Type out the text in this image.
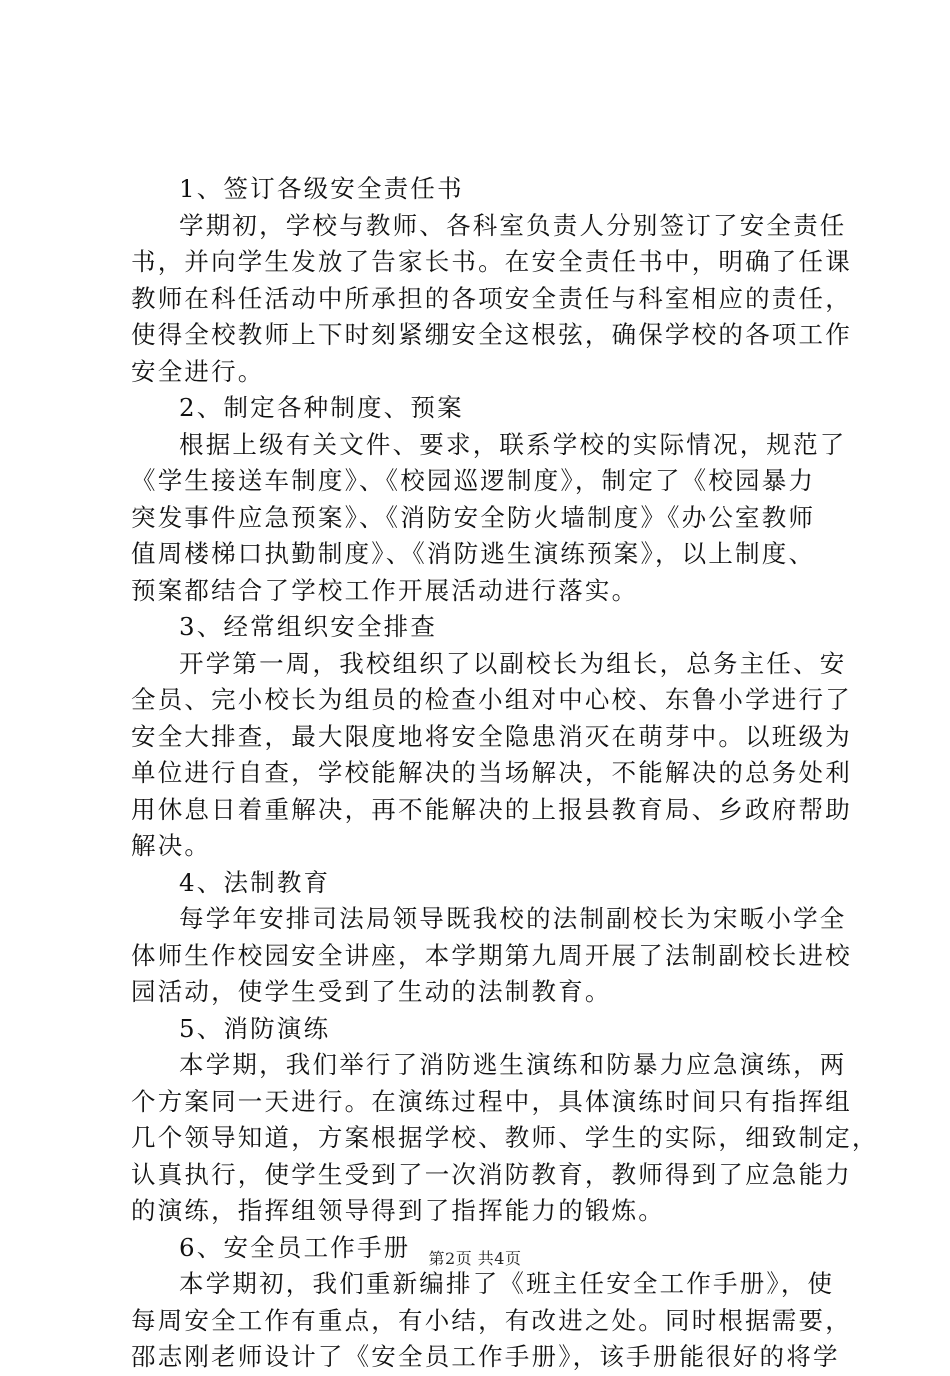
1、签订各级安全责任书
学期初，学校与教师、各科室负责人分别签订了安全责任
书，并向学生发放了告家长书。在安全责任书中，明确了任课
教师在科任活动中所承担的各项安全责任与科室相应的责任，
使得全校教师上下时刻紧绷安全这根弦，确保学校的各项工作
安全进行。
2、制定各种制度、预案
根据上级有关文件、要求，联系学校的实际情况，规范了
《学生接送车制度》、《校园巡逻制度》，制定了《校园暴力
突发事件应急预案》、《消防安全防火墙制度》《办公室教师
值周楼梯口执勤制度》、《消防逃生演练预案》，以上制度、
预案都结合了学校工作开展活动进行落实。
3、经常组织安全排查
开学第一周，我校组织了以副校长为组长，总务主任、安
全员、完小校长为组员的检查小组对中心校、东鲁小学进行了
安全大排查，最大限度地将安全隐患消灭在萌芽中。以班级为
单位进行自查，学校能解决的当场解决，不能解决的总务处利
用休息日着重解决，再不能解决的上报县教育局、乡政府帮助
解决。
4、法制教育
每学年安排司法局领导既我校的法制副校长为宋畈小学全
体师生作校园安全讲座，本学期第九周开展了法制副校长进校
园活动，使学生受到了生动的法制教育。
5、消防演练
本学期，我们举行了消防逃生演练和防暴力应急演练，两
个方案同一天进行。在演练过程中，具体演练时间只有指挥组
几个领导知道，方案根据学校、教师、学生的实际，细致制定，
认真执行，使学生受到了一次消防教育，教师得到了应急能力
的演练，指挥组领导得到了指挥能力的锻炼。
6、安全员工作手册
本学期初，我们重新编排了《班主任安全工作手册》，使
每周安全工作有重点，有小结，有改进之处。同时根据需要，
邵志刚老师设计了《安全员工作手册》，该手册能很好的将学
第2页 共4页
